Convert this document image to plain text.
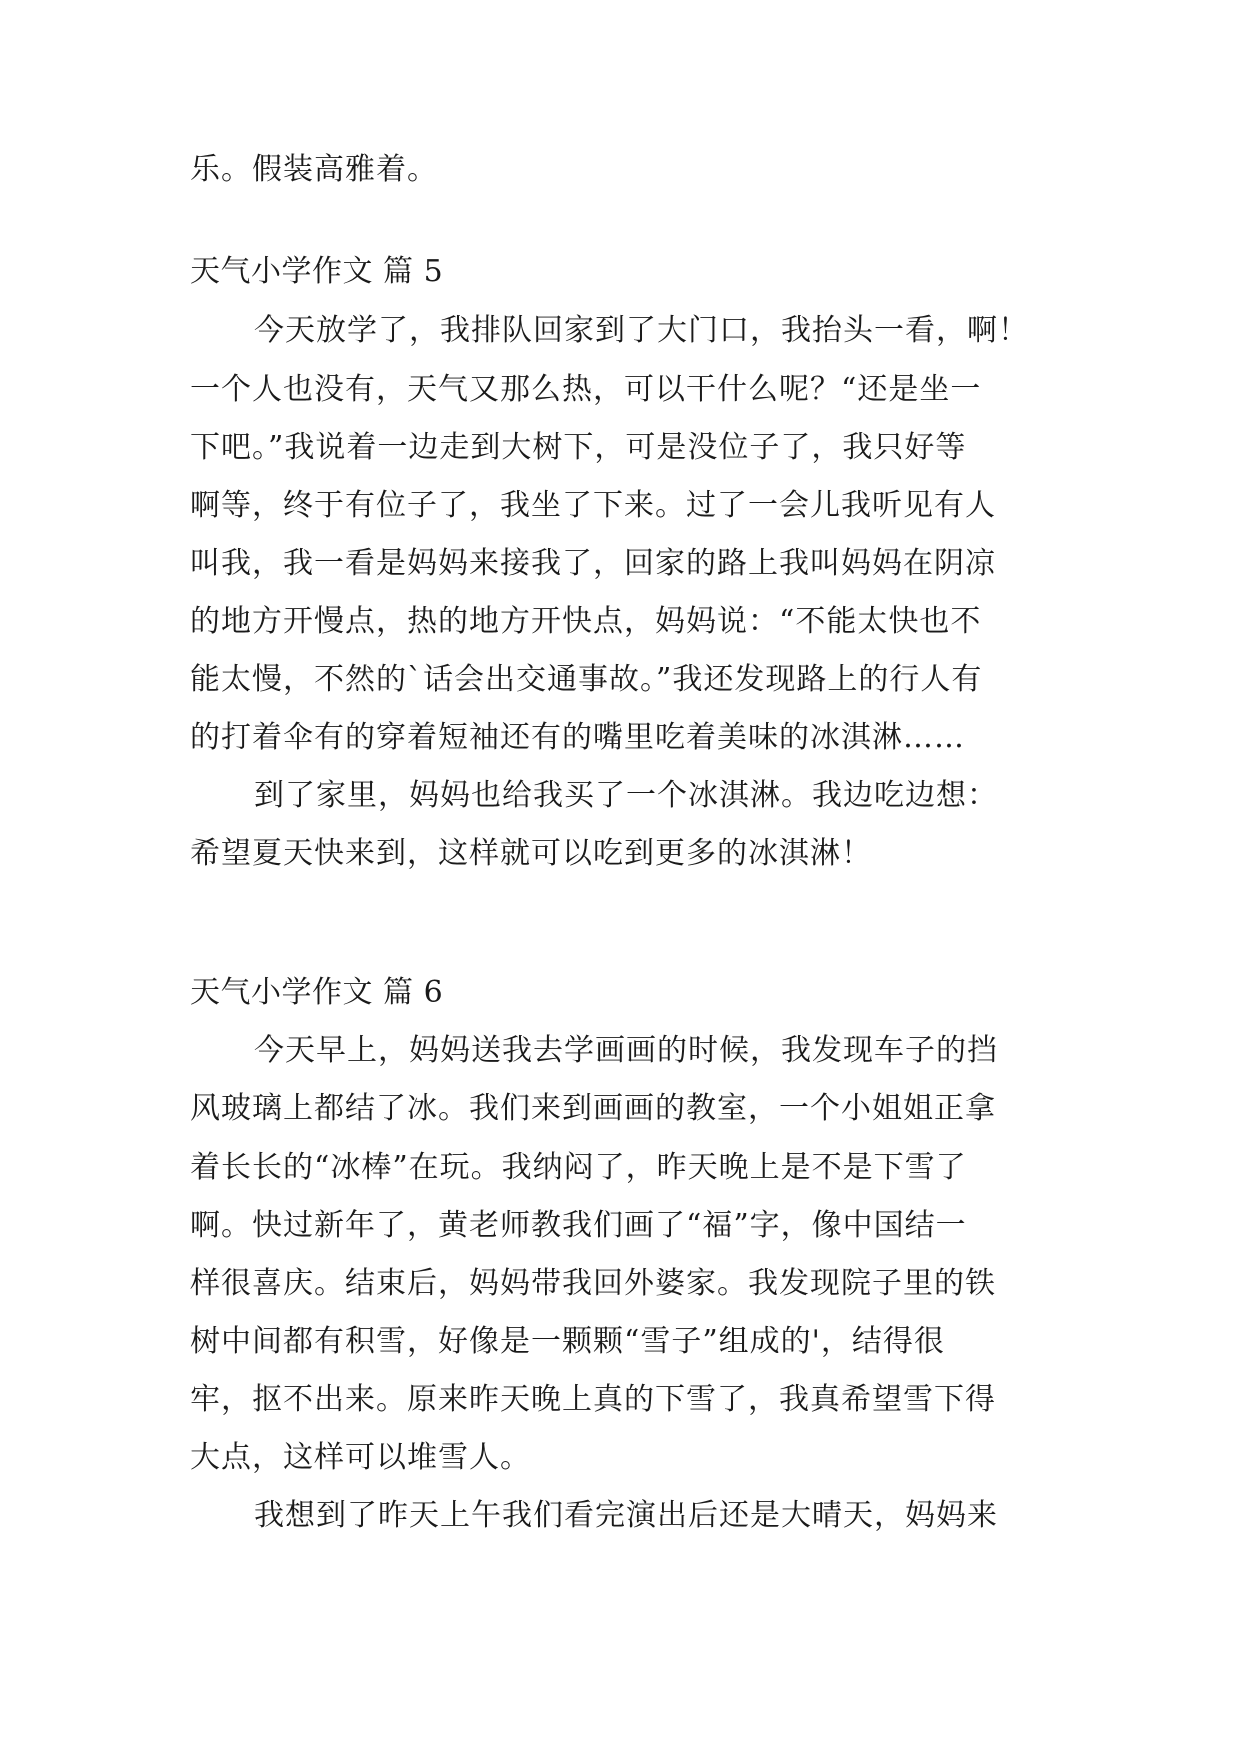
乐。假装高雅着。
天气小学作文 篇 5
今天放学了，我排队回家到了大门口，我抬头一看，啊！
一个人也没有，天气又那么热，可以干什么呢？“还是坐一
下吧。”我说着一边走到大树下，可是没位子了，我只好等
啊等，终于有位子了，我坐了下来。过了一会儿我听见有人
叫我，我一看是妈妈来接我了，回家的路上我叫妈妈在阴凉
的地方开慢点，热的地方开快点，妈妈说：“不能太快也不
能太慢，不然的`话会出交通事故。”我还发现路上的行人有
的打着伞有的穿着短袖还有的嘴里吃着美味的冰淇淋……
到了家里，妈妈也给我买了一个冰淇淋。我边吃边想：
希望夏天快来到，这样就可以吃到更多的冰淇淋！
天气小学作文 篇 6
今天早上，妈妈送我去学画画的时候，我发现车子的挡
风玻璃上都结了冰。我们来到画画的教室，一个小姐姐正拿
着长长的“冰棒”在玩。我纳闷了，昨天晚上是不是下雪了
啊。快过新年了，黄老师教我们画了“福”字，像中国结一
样很喜庆。结束后，妈妈带我回外婆家。我发现院子里的铁
树中间都有积雪，好像是一颗颗“雪子”组成的'，结得很
牢，抠不出来。原来昨天晚上真的下雪了，我真希望雪下得
大点，这样可以堆雪人。
我想到了昨天上午我们看完演出后还是大晴天，妈妈来
